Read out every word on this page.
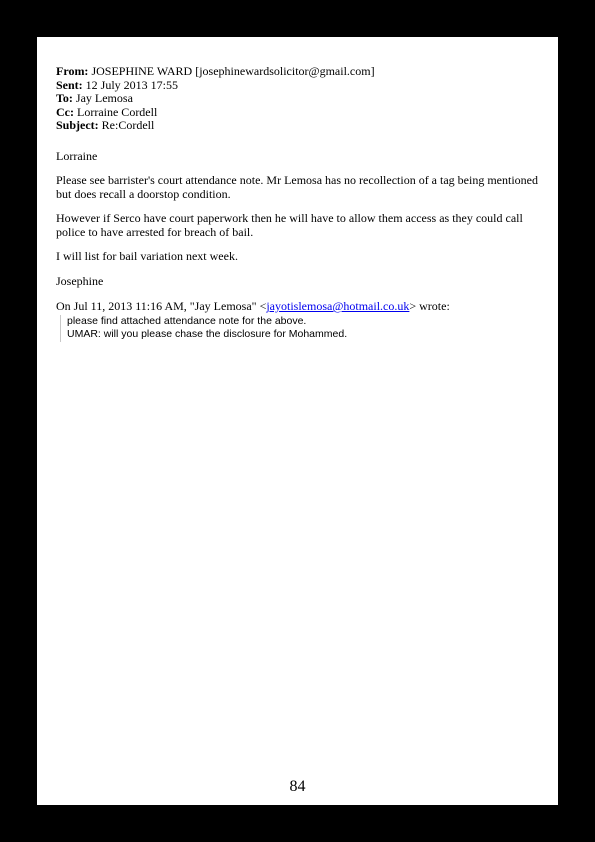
From: JOSEPHINE WARD [josephinewardsolicitor@gmail.com]
Sent: 12 July 2013 17:55
To: Jay Lemosa
Cc: Lorraine Cordell
Subject: Re:Cordell

Lorraine

Please see barrister's court attendance note. Mr Lemosa has no recollection of a tag being mentioned but does recall a doorstop condition.

However if Serco have court paperwork then he will have to allow them access as they could call police to have arrested for breach of bail.

I will list for bail variation next week.

Josephine

On Jul 11, 2013 11:16 AM, "Jay Lemosa" <jayotislemosa@hotmail.co.uk> wrote:
please find attached attendance note for the above.
UMAR: will you please chase the disclosure for Mohammed.
84
